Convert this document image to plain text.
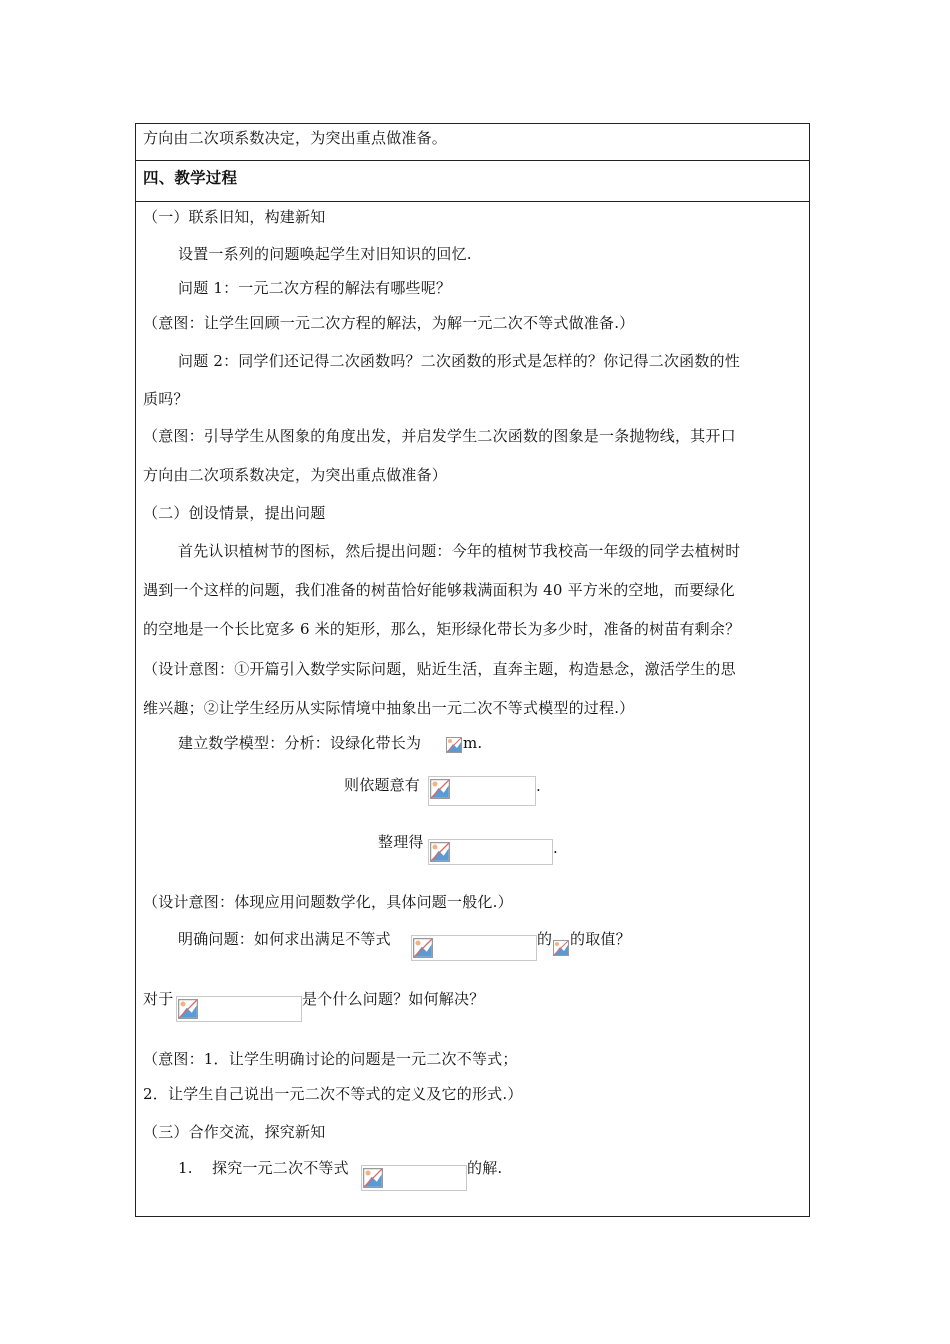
方向由二次项系数决定，为突出重点做准备。
四、教学过程
（一）联系旧知，构建新知
设置一系列的问题唤起学生对旧知识的回忆.
问题 1：一元二次方程的解法有哪些呢？
（意图：让学生回顾一元二次方程的解法，为解一元二次不等式做准备.）
问题 2：同学们还记得二次函数吗？二次函数的形式是怎样的？你记得二次函数的性
质吗？
（意图：引导学生从图象的角度出发，并启发学生二次函数的图象是一条抛物线，其开口
方向由二次项系数决定，为突出重点做准备）
（二）创设情景，提出问题
首先认识植树节的图标，然后提出问题：今年的植树节我校高一年级的同学去植树时
遇到一个这样的问题，我们准备的树苗恰好能够栽满面积为 40 平方米的空地，而要绿化
的空地是一个长比宽多 6 米的矩形，那么，矩形绿化带长为多少时，准备的树苗有剩余？
（设计意图：①开篇引入数学实际问题，贴近生活，直奔主题，构造悬念，激活学生的思
维兴趣；②让学生经历从实际情境中抽象出一元二次不等式模型的过程.）
建立数学模型：分析：设绿化带长为	m.
则依题意有	.
整理得	.
（设计意图：体现应用问题数学化，具体问题一般化.）
明确问题：如何求出满足不等式	的 的取值？
对于	是个什么问题？如何解决？
（意图：1．让学生明确讨论的问题是一元二次不等式；
2．让学生自己说出一元二次不等式的定义及它的形式.）
（三）合作交流，探究新知
1. 探究一元二次不等式	的解.
